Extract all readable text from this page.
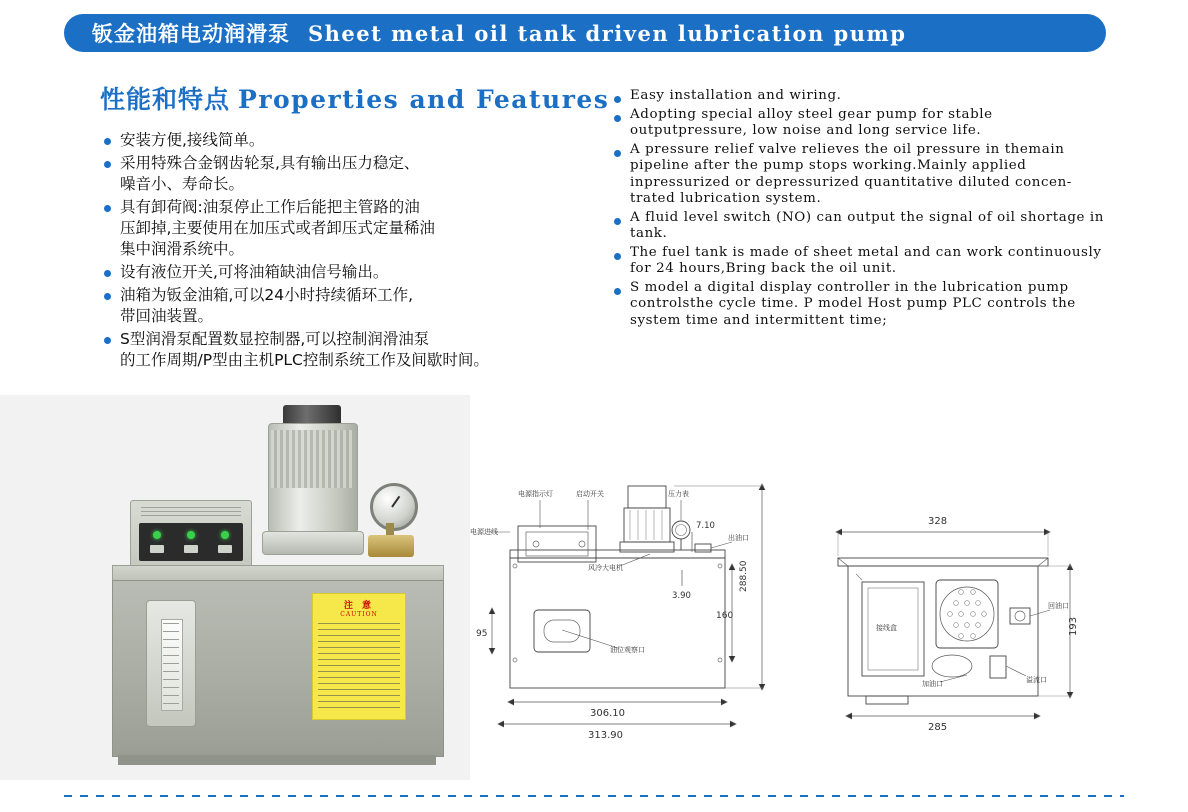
钣金油箱电动润滑泵 Sheet metal oil tank driven lubrication pump
性能和特点 Properties and Features
安装方便,接线简单。
采用特殊合金钢齿轮泵,具有输出压力稳定、
噪音小、寿命长。
具有卸荷阀:油泵停止工作后能把主管路的油
压卸掉,主要使用在加压式或者卸压式定量稀油
集中润滑系统中。
设有液位开关,可将油箱缺油信号输出。
油箱为钣金油箱,可以24小时持续循环工作,
带回油装置。
S型润滑泵配置数显控制器,可以控制润滑油泵
的工作周期/P型由主机PLC控制系统工作及间歇时间。
Easy installation and wiring.
Adopting special alloy steel gear pump for stable outputpressure, low noise and long service life.
A pressure relief valve relieves the oil pressure in themain pipeline after the pump stops working.Mainly applied inpressurized or depressurized quantitative diluted concen-trated lubrication system.
A fluid level switch (NO) can output the signal of oil shortage in tank.
The fuel tank is made of sheet metal and can work continuously for 24 hours,Bring back the oil unit.
S model a digital display controller in the lubrication pump controlsthe cycle time. P model Host pump PLC controls the system time and intermittent time;
注 意
CAUTION
电源指示灯	启动开关	压力表
电源进线
出油口
风冷大电机
油位观察口
95
7.10
3.90
160
288.50
306.10
313.90
接线盒
加油口
回油口
溢流口
328
285
193
